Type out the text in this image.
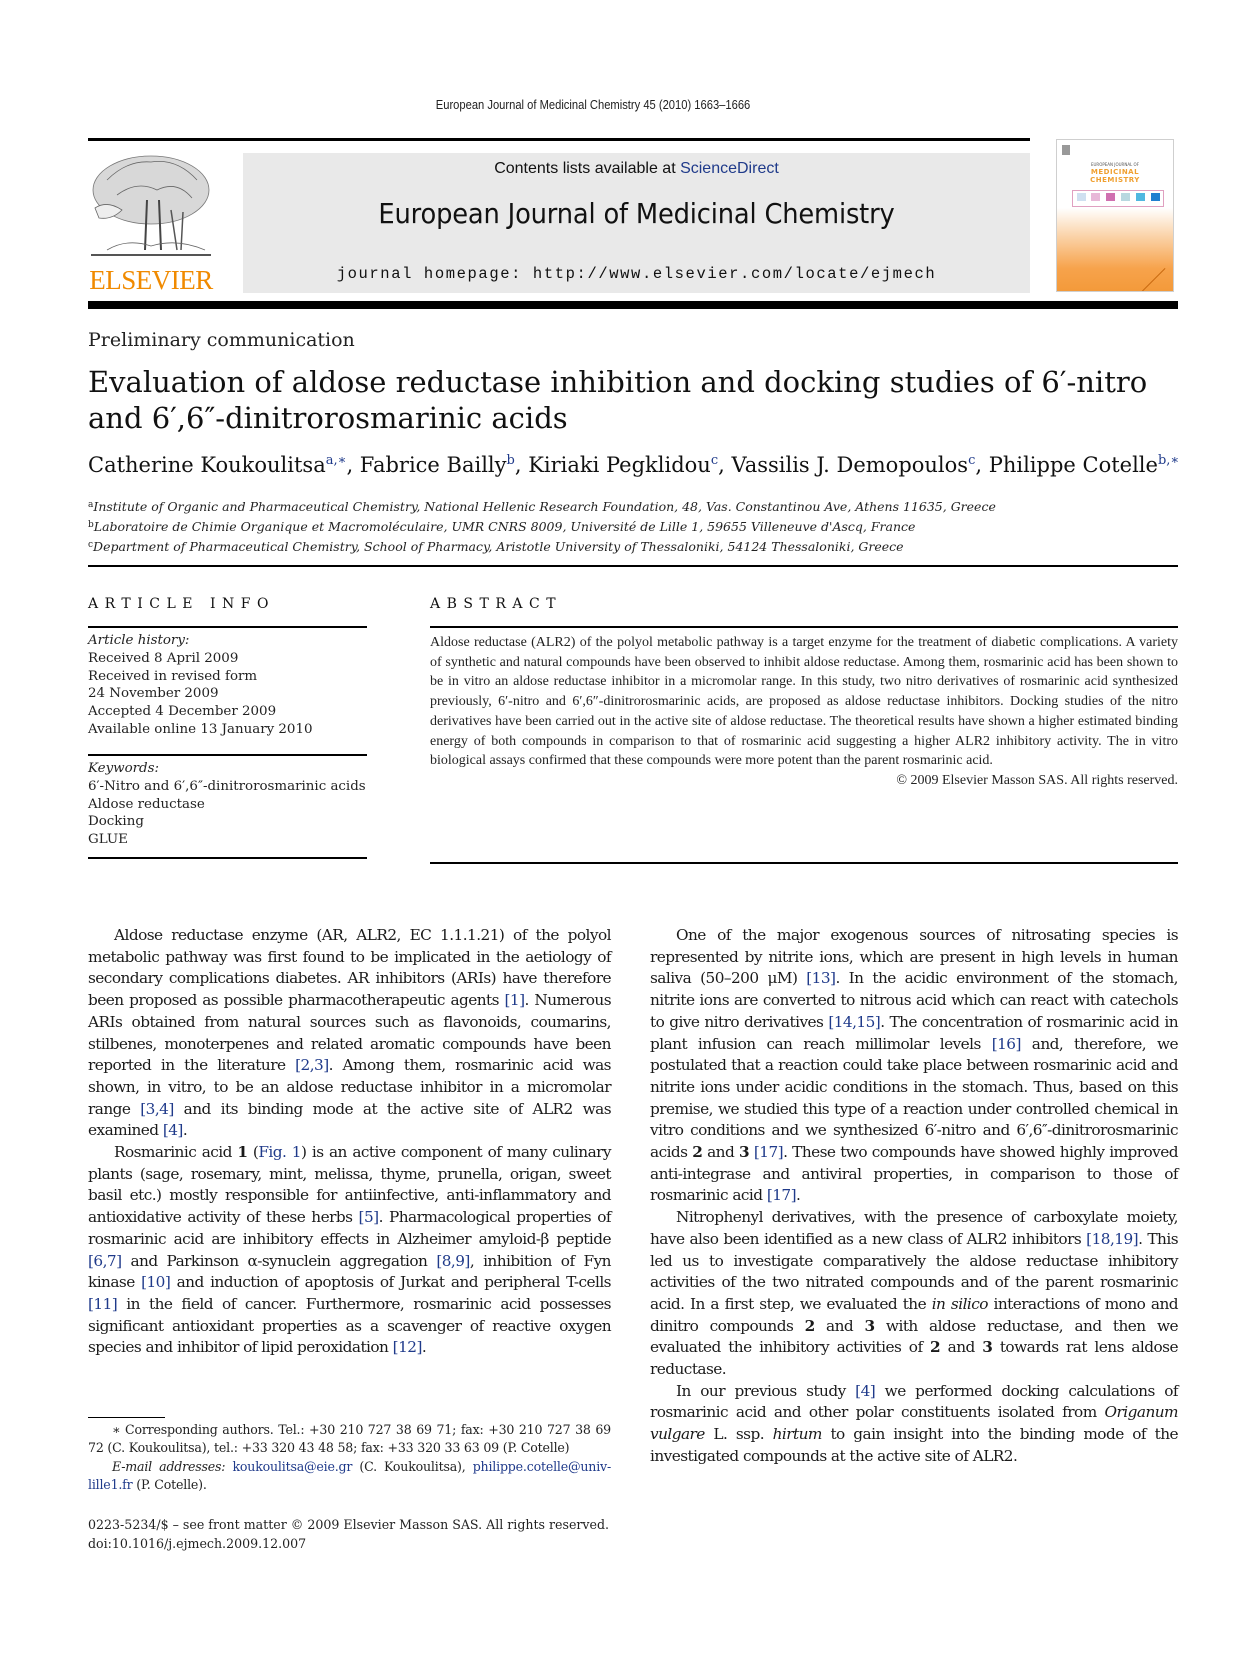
European Journal of Medicinal Chemistry 45 (2010) 1663–1666
ELSEVIER
Contents lists available at ScienceDirect
European Journal of Medicinal Chemistry
journal homepage: http://www.elsevier.com/locate/ejmech
EUROPEAN JOURNAL OF
MEDICINAL
CHEMISTRY
Preliminary communication
Evaluation of aldose reductase inhibition and docking studies of 6′-nitro
and 6′,6″-dinitrorosmarinic acids
Catherine Koukoulitsa$^{a,∗}$, Fabrice Bailly$^b$, Kiriaki Pegklidou$^c$, Vassilis J. Demopoulos$^c$, Philippe Cotelle$^{b,∗}$
$^a$Institute of Organic and Pharmaceutical Chemistry, National Hellenic Research Foundation, 48, Vas. Constantinou Ave, Athens 11635, Greece
$^b$Laboratoire de Chimie Organique et Macromoléculaire, UMR CNRS 8009, Université de Lille 1, 59655 Villeneuve d'Ascq, France
$^c$Department of Pharmaceutical Chemistry, School of Pharmacy, Aristotle University of Thessaloniki, 54124 Thessaloniki, Greece
ARTICLE INFO
Article history:
Received 8 April 2009
Received in revised form
24 November 2009
Accepted 4 December 2009
Available online 13 January 2010
Keywords:
6′-Nitro and 6′,6″-dinitrorosmarinic acids
Aldose reductase
Docking
GLUE
ABSTRACT
Aldose reductase (ALR2) of the polyol metabolic pathway is a target enzyme for the treatment of diabetic complications. A variety of synthetic and natural compounds have been observed to inhibit aldose reductase. Among them, rosmarinic acid has been shown to be in vitro an aldose reductase inhibitor in a micromolar range. In this study, two nitro derivatives of rosmarinic acid synthesized previously, 6′-nitro and 6′,6″-dinitrorosmarinic acids, are proposed as aldose reductase inhibitors. Docking studies of the nitro derivatives have been carried out in the active site of aldose reductase. The theoretical results have shown a higher estimated binding energy of both compounds in comparison to that of rosmarinic acid suggesting a higher ALR2 inhibitory activity. The in vitro biological assays confirmed that these compounds were more potent than the parent rosmarinic acid.
© 2009 Elsevier Masson SAS. All rights reserved.

Aldose reductase enzyme (AR, ALR2, EC 1.1.1.21) of the polyol metabolic pathway was first found to be implicated in the aetiology of secondary complications diabetes. AR inhibitors (ARIs) have therefore been proposed as possible pharmacotherapeutic agents [1]. Numerous ARIs obtained from natural sources such as flavonoids, coumarins, stilbenes, monoterpenes and related aromatic compounds have been reported in the literature [2,3]. Among them, rosmarinic acid was shown, in vitro, to be an aldose reductase inhibitor in a micromolar range [3,4] and its binding mode at the active site of ALR2 was examined [4].

Rosmarinic acid 1 (Fig. 1) is an active component of many culinary plants (sage, rosemary, mint, melissa, thyme, prunella, origan, sweet basil etc.) mostly responsible for antiinfective, anti-inflammatory and antioxidative activity of these herbs [5]. Pharmacological properties of rosmarinic acid are inhibitory effects in Alzheimer amyloid-β peptide [6,7] and Parkinson α-synuclein aggregation [8,9], inhibition of Fyn kinase [10] and induction of apoptosis of Jurkat and peripheral T-cells [11] in the field of cancer. Furthermore, rosmarinic acid possesses significant antioxidant properties as a scavenger of reactive oxygen species and inhibitor of lipid peroxidation [12].

One of the major exogenous sources of nitrosating species is represented by nitrite ions, which are present in high levels in human saliva (50–200 μM) [13]. In the acidic environment of the stomach, nitrite ions are converted to nitrous acid which can react with catechols to give nitro derivatives [14,15]. The concentration of rosmarinic acid in plant infusion can reach millimolar levels [16] and, therefore, we postulated that a reaction could take place between rosmarinic acid and nitrite ions under acidic conditions in the stomach. Thus, based on this premise, we studied this type of a reaction under controlled chemical in vitro conditions and we synthesized 6′-nitro and 6′,6″-dinitrorosmarinic acids 2 and 3 [17]. These two compounds have showed highly improved anti-integrase and antiviral properties, in comparison to those of rosmarinic acid [17].

Nitrophenyl derivatives, with the presence of carboxylate moiety, have also been identified as a new class of ALR2 inhibitors [18,19]. This led us to investigate comparatively the aldose reductase inhibitory activities of the two nitrated compounds and of the parent rosmarinic acid. In a first step, we evaluated the in silico interactions of mono and dinitro compounds 2 and 3 with aldose reductase, and then we evaluated the inhibitory activities of 2 and 3 towards rat lens aldose reductase.

In our previous study [4] we performed docking calculations of rosmarinic acid and other polar constituents isolated from Origanum vulgare L. ssp. hirtum to gain insight into the binding mode of the investigated compounds at the active site of ALR2.

∗ Corresponding authors. Tel.: +30 210 727 38 69 71; fax: +30 210 727 38 69 72 (C. Koukoulitsa), tel.: +33 320 43 48 58; fax: +33 320 33 63 09 (P. Cotelle)
E-mail addresses: koukoulitsa@eie.gr (C. Koukoulitsa), philippe.cotelle@univ-lille1.fr (P. Cotelle).
0223-5234/$ – see front matter © 2009 Elsevier Masson SAS. All rights reserved.
doi:10.1016/j.ejmech.2009.12.007
